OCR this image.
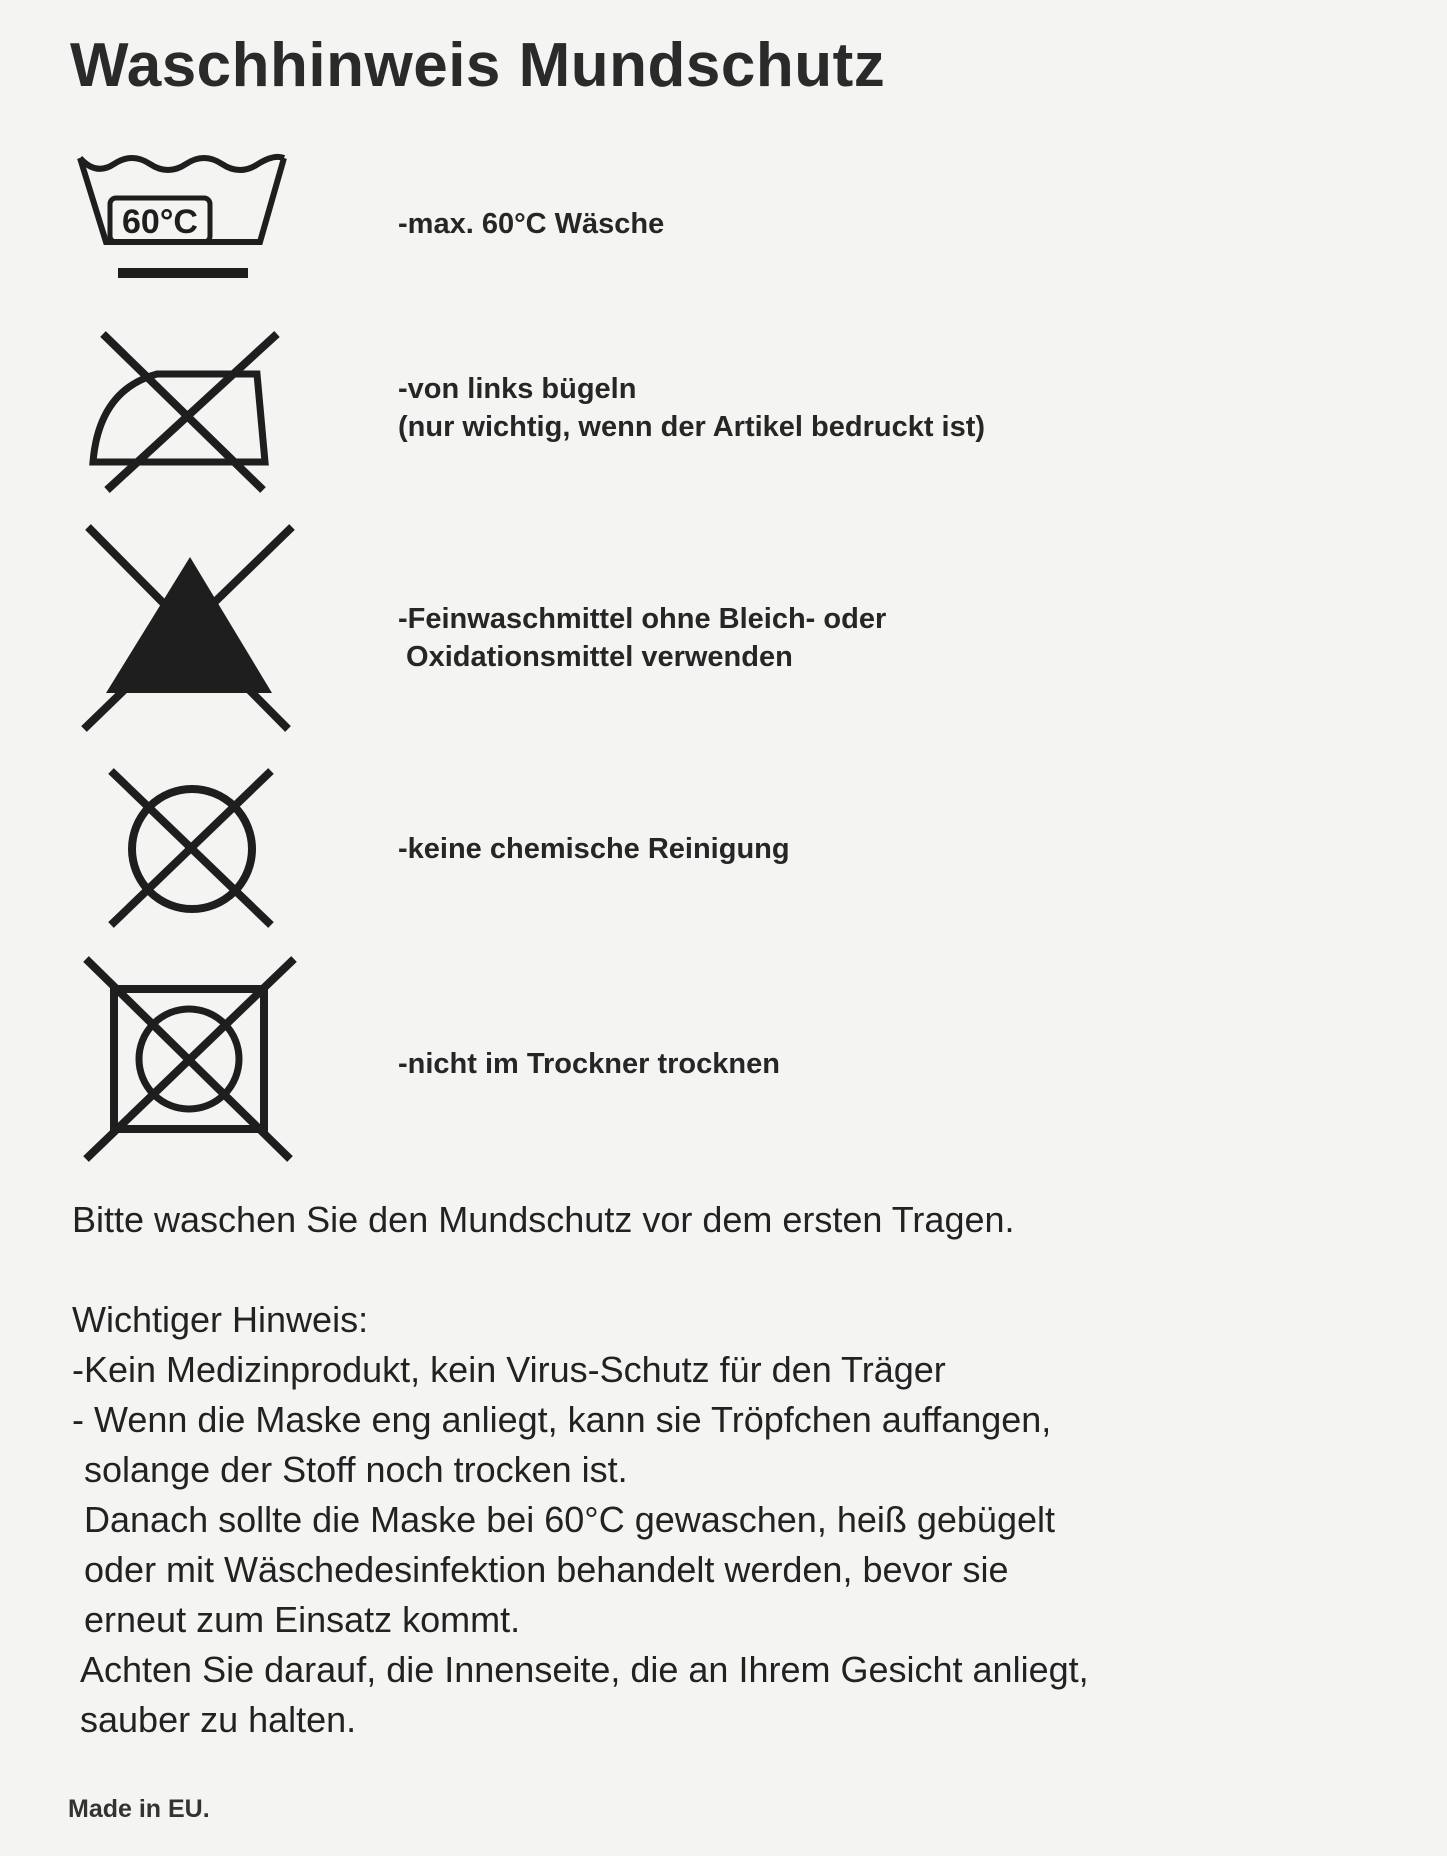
Waschhinweis Mundschutz
60°C	-max. 60°C Wäsche
-von links bügeln
(nur wichtig, wenn der Artikel bedruckt ist)
-Feinwaschmittel ohne Bleich- oder
Oxidationsmittel verwenden
-keine chemische Reinigung
-nicht im Trockner trocknen
Bitte waschen Sie den Mundschutz vor dem ersten Tragen.
Wichtiger Hinweis:
-Kein Medizinprodukt, kein Virus-Schutz für den Träger
- Wenn die Maske eng anliegt, kann sie Tröpfchen auffangen,
solange der Stoff noch trocken ist.
Danach sollte die Maske bei 60°C gewaschen, heiß gebügelt
oder mit Wäschedesinfektion behandelt werden, bevor sie
erneut zum Einsatz kommt.
Achten Sie darauf, die Innenseite, die an Ihrem Gesicht anliegt,
sauber zu halten.
Made in EU.
